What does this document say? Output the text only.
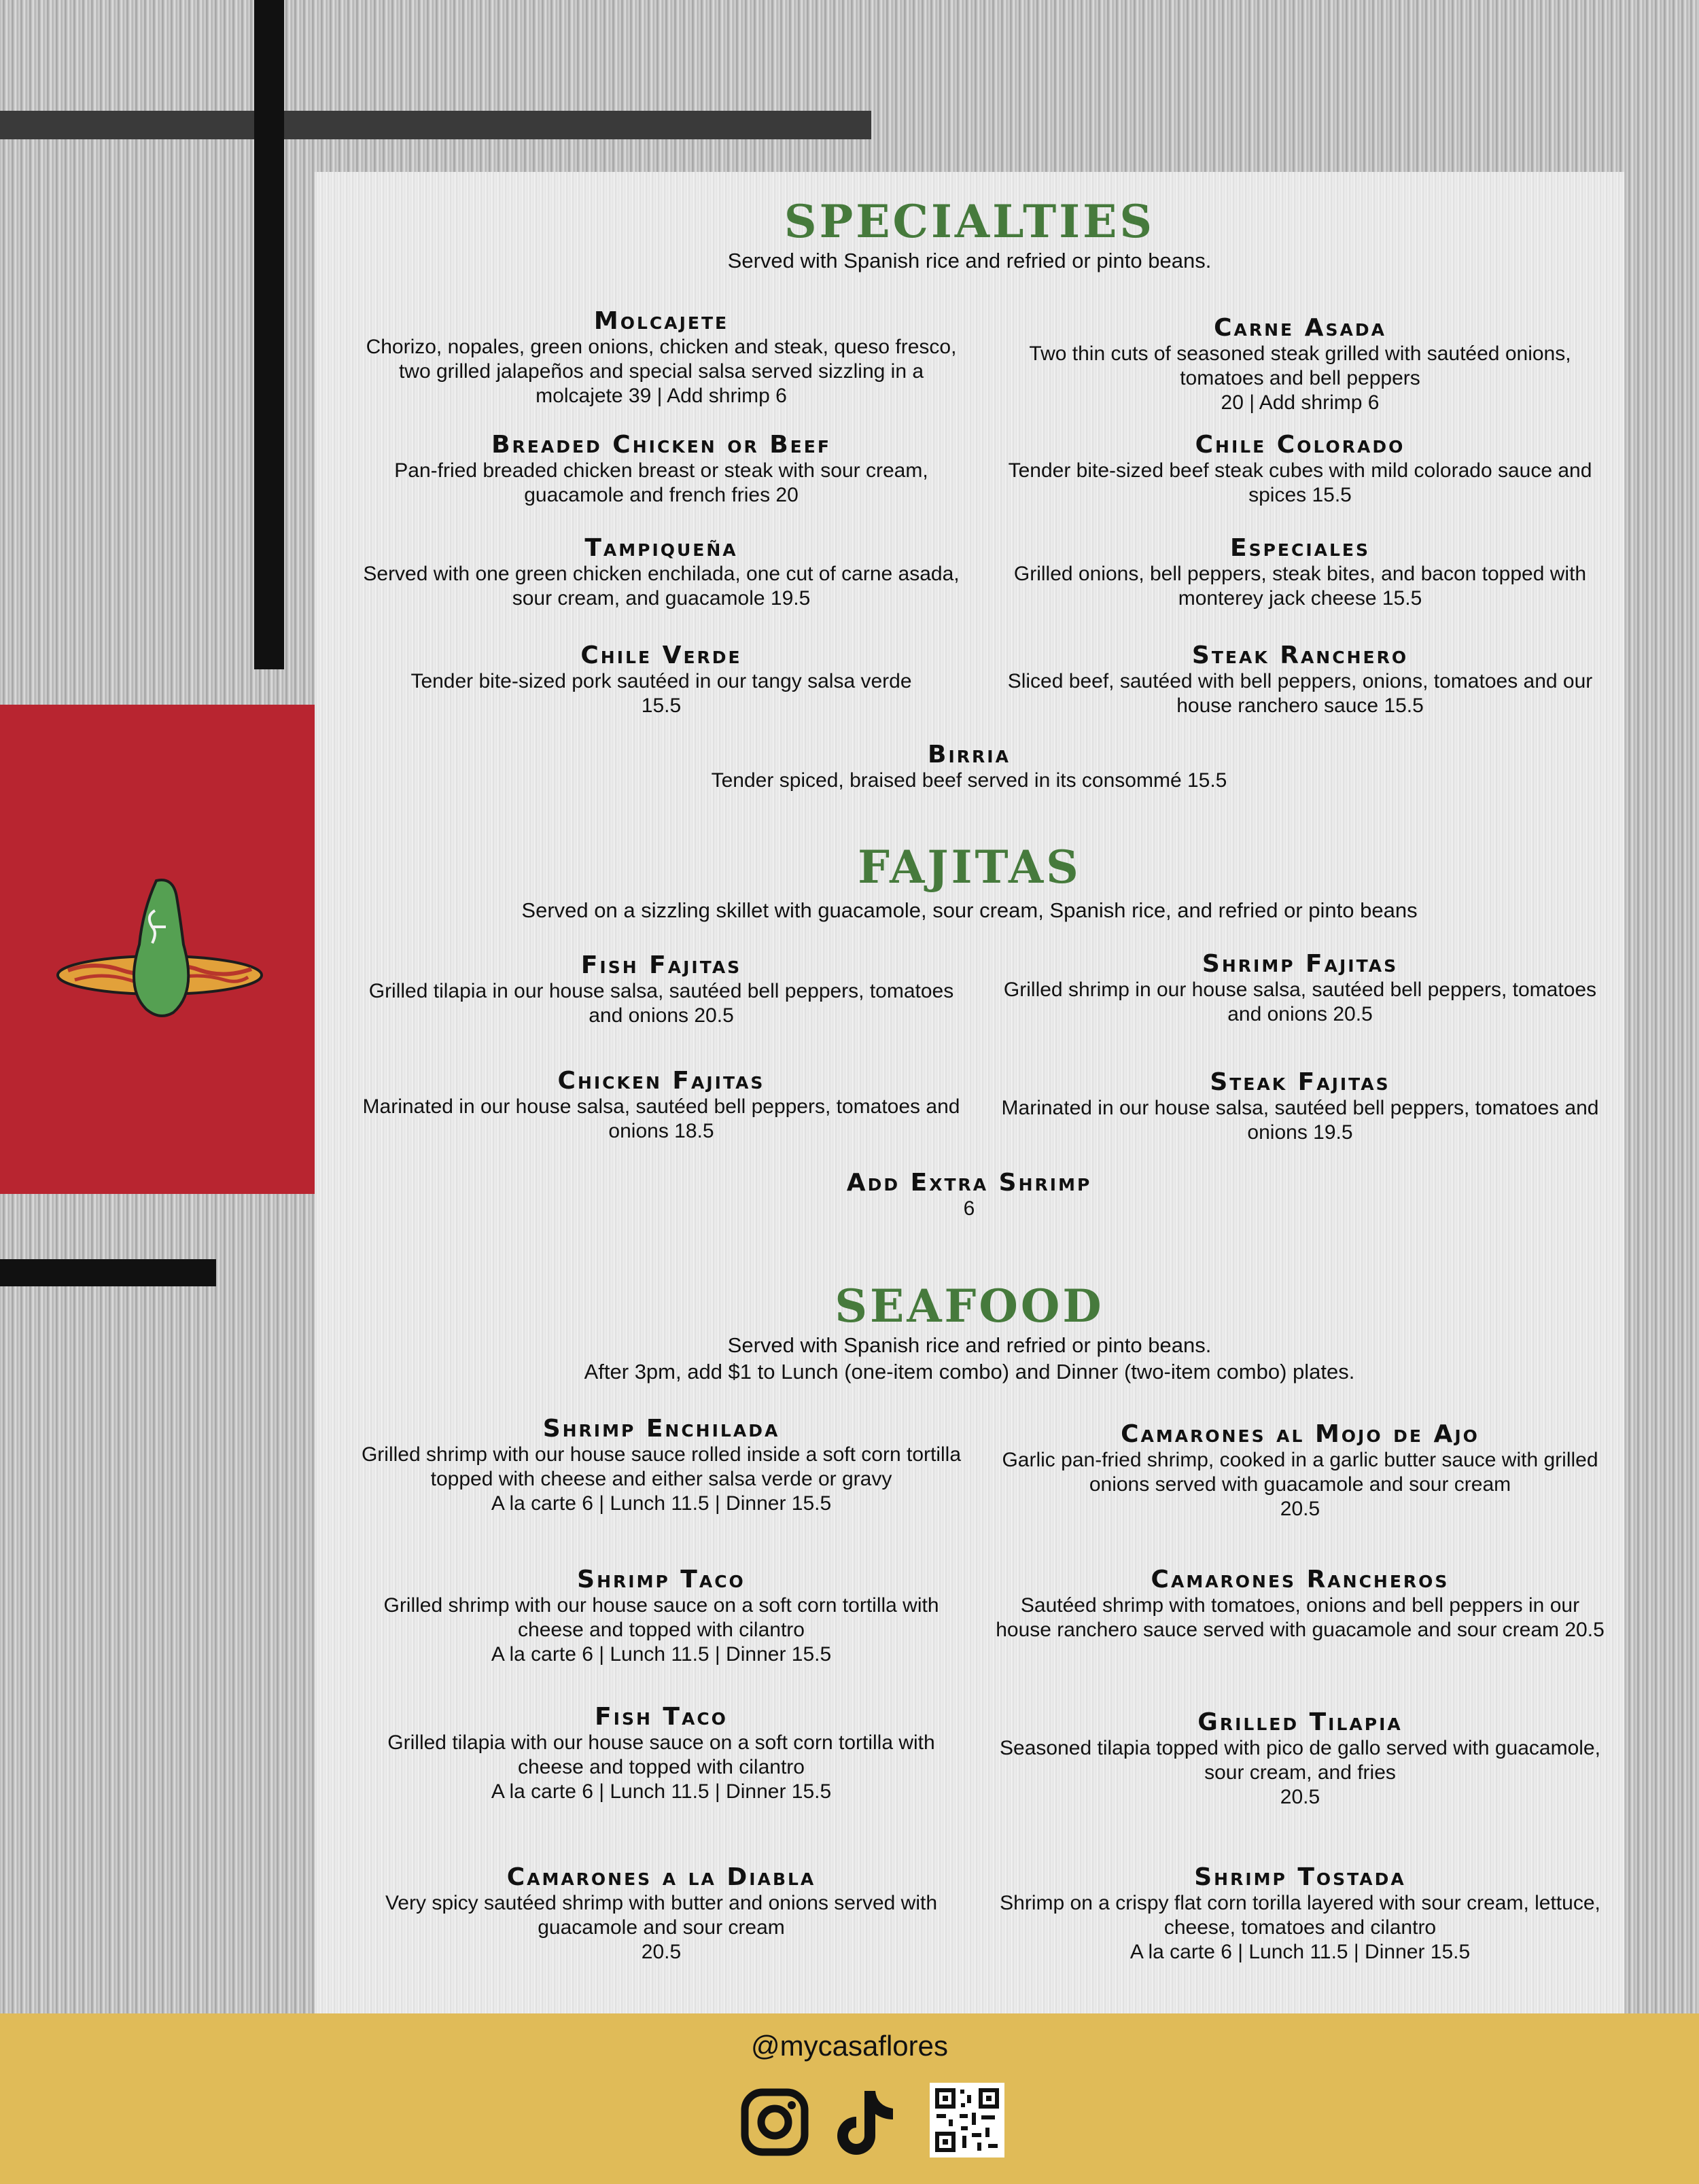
SPECIALTIES

Served with Spanish rice and refried or pinto beans.

Molcajete
Chorizo, nopales, green onions, chicken and steak, queso fresco, two grilled jalapeños and special salsa served sizzling in a molcajete 39 | Add shrimp 6
Carne Asada
Two thin cuts of seasoned steak grilled with sautéed onions, tomatoes and bell peppers
20 | Add shrimp 6
Breaded Chicken or Beef
Pan-fried breaded chicken breast or steak with sour cream, guacamole and french fries 20
Chile Colorado
Tender bite-sized beef steak cubes with mild colorado sauce and spices 15.5
Tampiqueña
Served with one green chicken enchilada, one cut of carne asada, sour cream, and guacamole 19.5
Especiales
Grilled onions, bell peppers, steak bites, and bacon topped with monterey jack cheese 15.5
Chile Verde
Tender bite-sized pork sautéed in our tangy salsa verde
15.5
Steak Ranchero
Sliced beef, sautéed with bell peppers, onions, tomatoes and our house ranchero sauce 15.5
Birria
Tender spiced, braised beef served in its consommé 15.5
FAJITAS

Served on a sizzling skillet with guacamole, sour cream, Spanish rice, and refried or pinto beans

Fish Fajitas
Grilled tilapia in our house salsa, sautéed bell peppers, tomatoes and onions 20.5
Shrimp Fajitas
Grilled shrimp in our house salsa, sautéed bell peppers, tomatoes and onions 20.5
Chicken Fajitas
Marinated in our house salsa, sautéed bell peppers, tomatoes and onions 18.5
Steak Fajitas
Marinated in our house salsa, sautéed bell peppers, tomatoes and onions 19.5
Add Extra Shrimp
6
SEAFOOD

Served with Spanish rice and refried or pinto beans.

After 3pm, add $1 to Lunch (one-item combo) and Dinner (two-item combo) plates.

Shrimp Enchilada
Grilled shrimp with our house sauce rolled inside a soft corn tortilla topped with cheese and either salsa verde or gravy
A la carte 6 | Lunch 11.5 | Dinner 15.5
Camarones al Mojo de Ajo
Garlic pan-fried shrimp, cooked in a garlic butter sauce with grilled onions served with guacamole and sour cream
20.5
Shrimp Taco
Grilled shrimp with our house sauce on a soft corn tortilla with cheese and topped with cilantro
A la carte 6 | Lunch 11.5 | Dinner 15.5
Camarones Rancheros
Sautéed shrimp with tomatoes, onions and bell peppers in our house ranchero sauce served with guacamole and sour cream 20.5
Fish Taco
Grilled tilapia with our house sauce on a soft corn tortilla with cheese and topped with cilantro
A la carte 6 | Lunch 11.5 | Dinner 15.5
Grilled Tilapia
Seasoned tilapia topped with pico de gallo served with guacamole, sour cream, and fries
20.5
Camarones a la Diabla
Very spicy sautéed shrimp with butter and onions served with guacamole and sour cream
20.5
Shrimp Tostada
Shrimp on a crispy flat corn torilla layered with sour cream, lettuce, cheese, tomatoes and cilantro
A la carte 6 | Lunch 11.5 | Dinner 15.5
@mycasaflores
